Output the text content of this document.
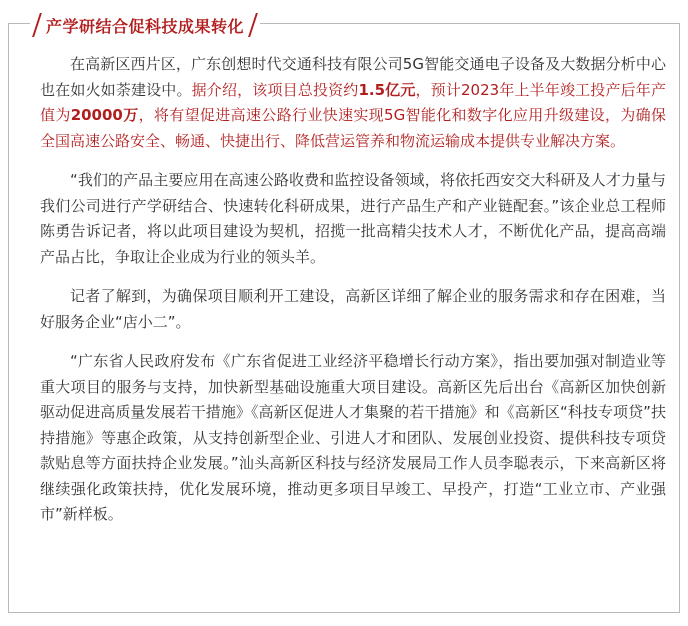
产学研结合促科技成果转化

在高新区西片区，广东创想时代交通科技有限公司5G智能交通电子设备及大数据分析中心也在如火如荼建设中。据介绍，该项目总投资约1.5亿元，预计2023年上半年竣工投产后年产值为20000万，将有望促进高速公路行业快速实现5G智能化和数字化应用升级建设，为确保全国高速公路安全、畅通、快捷出行、降低营运管养和物流运输成本提供专业解决方案。

“我们的产品主要应用在高速公路收费和监控设备领域，将依托西安交大科研及人才力量与我们公司进行产学研结合、快速转化科研成果，进行产品生产和产业链配套。”该企业总工程师陈勇告诉记者，将以此项目建设为契机，招揽一批高精尖技术人才，不断优化产品，提高高端产品占比，争取让企业成为行业的领头羊。

记者了解到，为确保项目顺利开工建设，高新区详细了解企业的服务需求和存在困难，当好服务企业“店小二”。

“广东省人民政府发布《广东省促进工业经济平稳增长行动方案》，指出要加强对制造业等重大项目的服务与支持，加快新型基础设施重大项目建设。高新区先后出台《高新区加快创新驱动促进高质量发展若干措施》《高新区促进人才集聚的若干措施》和《高新区“科技专项贷”扶持措施》等惠企政策，从支持创新型企业、引进人才和团队、发展创业投资、提供科技专项贷款贴息等方面扶持企业发展。”汕头高新区科技与经济发展局工作人员李聪表示，下来高新区将继续强化政策扶持，优化发展环境，推动更多项目早竣工、早投产，打造“工业立市、产业强市”新样板。
